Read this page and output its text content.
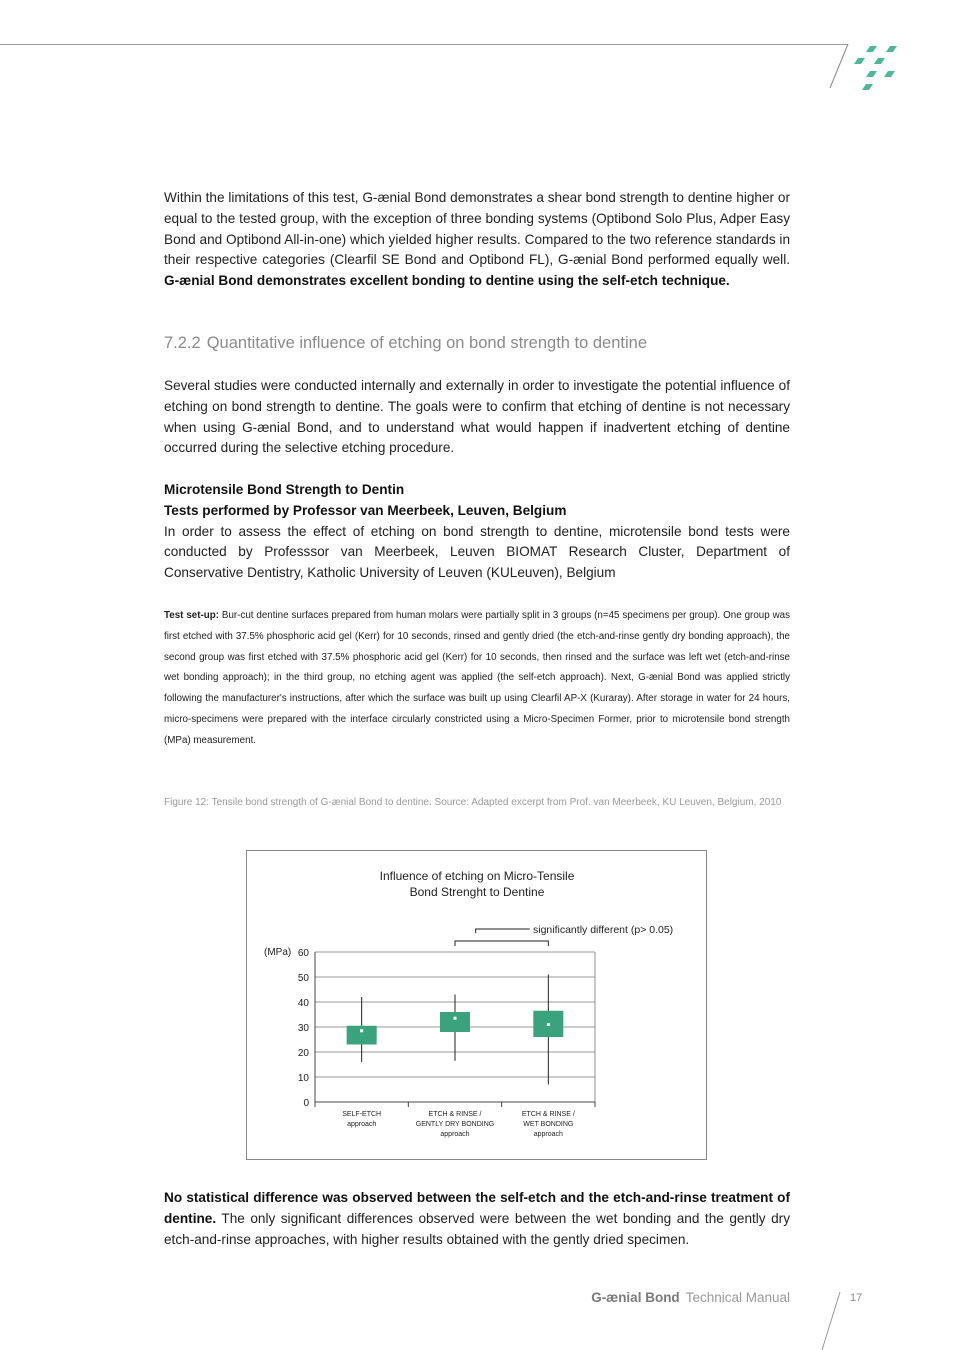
Within the limitations of this test, G-ænial Bond demonstrates a shear bond strength to dentine higher or equal to the tested group, with the exception of three bonding systems (Optibond Solo Plus, Adper Easy Bond and Optibond All-in-one) which yielded higher results. Compared to the two reference standards in their respective categories (Clearfil SE Bond and Optibond FL), G-ænial Bond performed equally well. G-ænial Bond demonstrates excellent bonding to dentine using the self-etch technique.

7.2.2 Quantitative influence of etching on bond strength to dentine

Several studies were conducted internally and externally in order to investigate the potential influence of etching on bond strength to dentine. The goals were to confirm that etching of dentine is not necessary when using G-ænial Bond, and to understand what would happen if inadvertent etching of dentine occurred during the selective etching procedure.

Microtensile Bond Strength to Dentin

Tests performed by Professor van Meerbeek, Leuven, Belgium

In order to assess the effect of etching on bond strength to dentine, microtensile bond tests were conducted by Professsor van Meerbeek, Leuven BIOMAT Research Cluster, Department of Conservative Dentistry, Katholic University of Leuven (KULeuven), Belgium

Test set-up: Bur-cut dentine surfaces prepared from human molars were partially split in 3 groups (n=45 specimens per group). One group was first etched with 37.5% phosphoric acid gel (Kerr) for 10 seconds, rinsed and gently dried (the etch-and-rinse gently dry bonding approach), the second group was first etched with 37.5% phosphoric acid gel (Kerr) for 10 seconds, then rinsed and the surface was left wet (etch-and-rinse wet bonding approach); in the third group, no etching agent was applied (the self-etch approach). Next, G-ænial Bond was applied strictly following the manufacturer's instructions, after which the surface was built up using Clearfil AP-X (Kuraray). After storage in water for 24 hours, micro-specimens were prepared with the interface circularly constricted using a Micro-Specimen Former, prior to microtensile bond strength (MPa) measurement.

Figure 12: Tensile bond strength of G-ænial Bond to dentine. Source: Adapted excerpt from Prof. van Meerbeek, KU Leuven, Belgium, 2010

Influence of etching on Micro-Tensile
Bond Strenght to Dentine
(MPa)
significantly different (p> 0.05)
0
10
20
30
40
50
60
SELF-ETCH
approach
ETCH & RINSE /
GENTLY DRY BONDING
approach
ETCH & RINSE /
WET BONDING
approach

No statistical difference was observed between the self-etch and the etch-and-rinse treatment of dentine. The only significant differences observed were between the wet bonding and the gently dry etch-and-rinse approaches, with higher results obtained with the gently dried specimen.

G-ænial Bond Technical Manual	17
